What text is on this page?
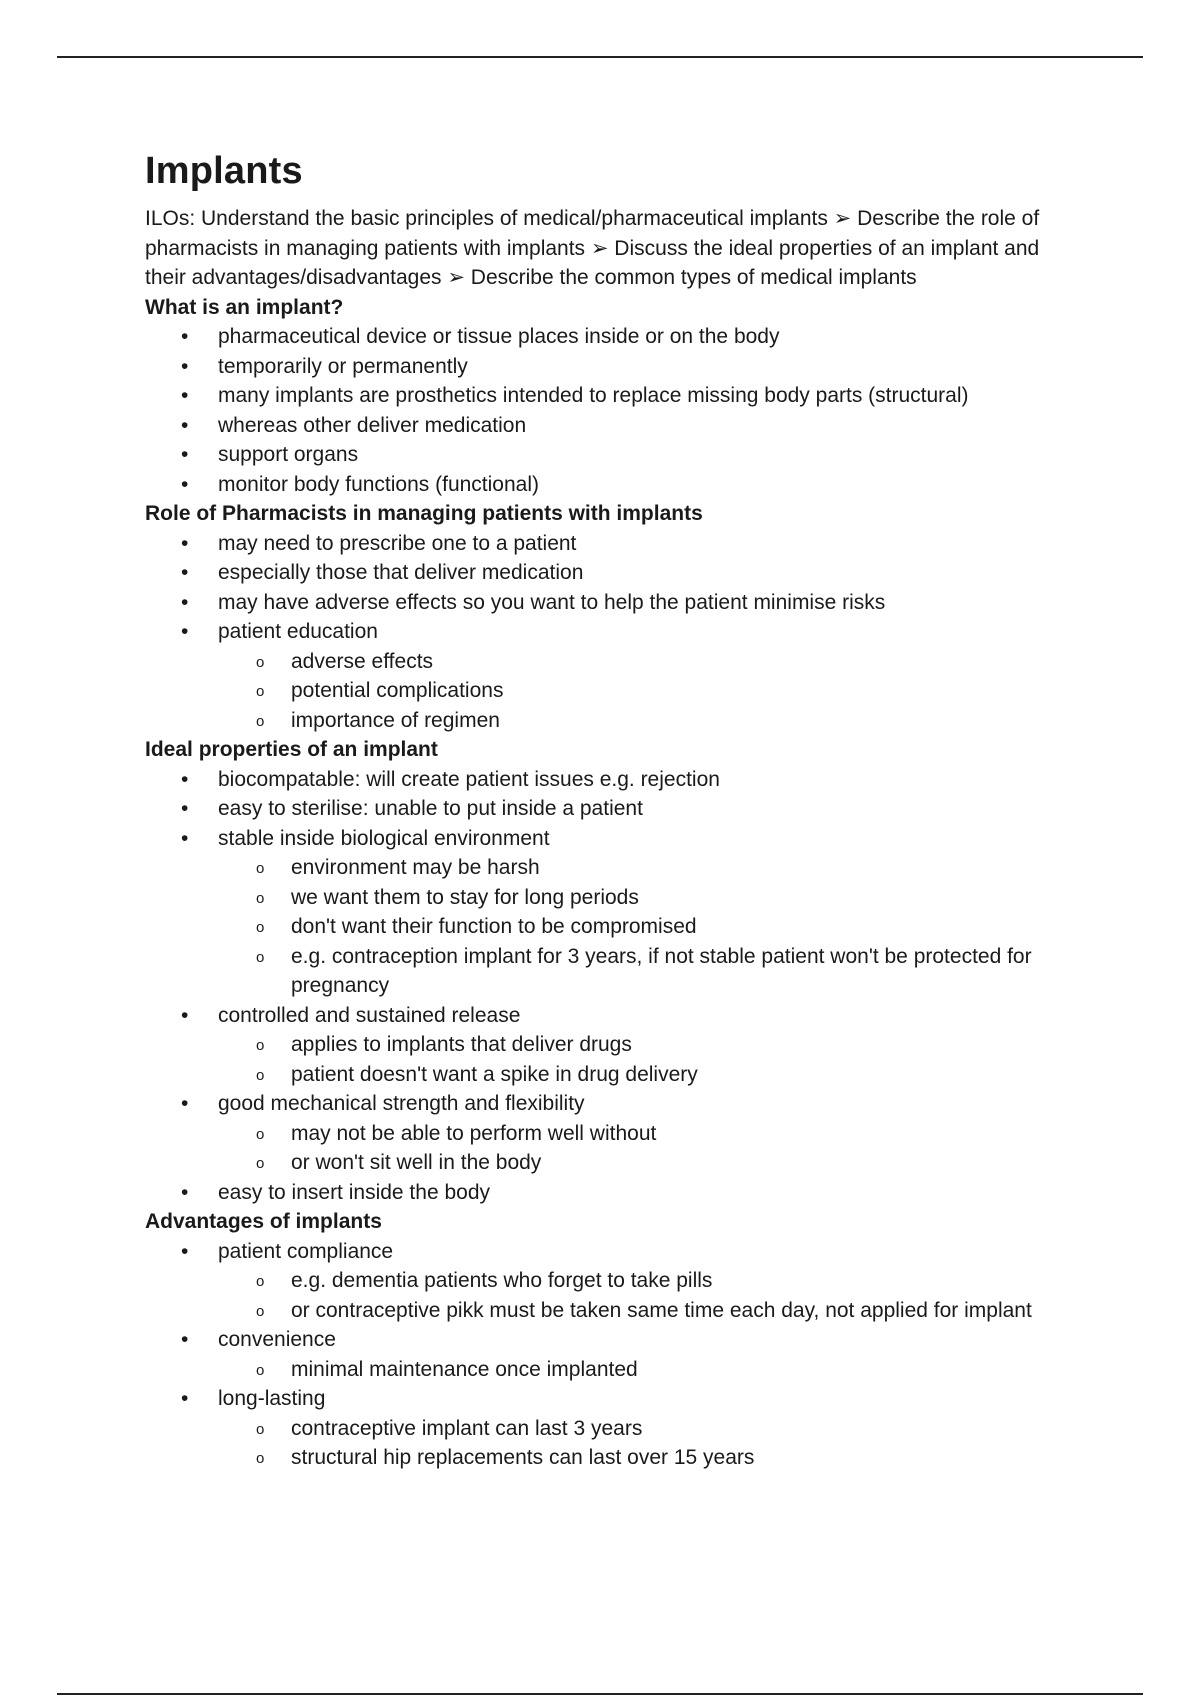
Implants

ILOs: Understand the basic principles of medical/pharmaceutical implants ➢ Describe the role of pharmacists in managing patients with implants ➢ Discuss the ideal properties of an implant and their advantages/disadvantages ➢ Describe the common types of medical implants

What is an implant?
• pharmaceutical device or tissue places inside or on the body
• temporarily or permanently
• many implants are prosthetics intended to replace missing body parts (structural)
• whereas other deliver medication
• support organs
• monitor body functions (functional)
Role of Pharmacists in managing patients with implants
• may need to prescribe one to a patient
• especially those that deliver medication
• may have adverse effects so you want to help the patient minimise risks
• patient education
o adverse effects
o potential complications
o importance of regimen
Ideal properties of an implant
• biocompatable: will create patient issues e.g. rejection
• easy to sterilise: unable to put inside a patient
• stable inside biological environment
o environment may be harsh
o we want them to stay for long periods
o don't want their function to be compromised
o e.g. contraception implant for 3 years, if not stable patient won't be protected for pregnancy
• controlled and sustained release
o applies to implants that deliver drugs
o patient doesn't want a spike in drug delivery
• good mechanical strength and flexibility
o may not be able to perform well without
o or won't sit well in the body
• easy to insert inside the body
Advantages of implants
• patient compliance
o e.g. dementia patients who forget to take pills
o or contraceptive pikk must be taken same time each day, not applied for implant
• convenience
o minimal maintenance once implanted
• long-lasting
o contraceptive implant can last 3 years
o structural hip replacements can last over 15 years
